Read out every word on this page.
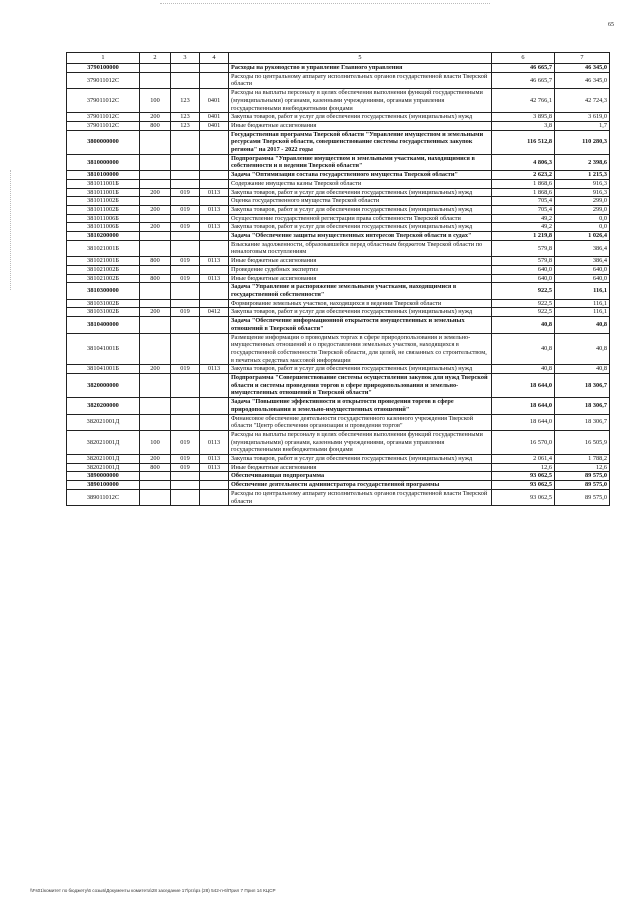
65
1	2	3	4	5	6	7
3790100000				Расходы на руководство и управление Главного управления	46 665,7	46 345,0
379011012С				Расходы по центральному аппарату исполнительных органов государственной власти Тверской области	46 665,7	46 345,0
379011012С	100	123	0401	Расходы на выплаты персоналу в целях обеспечения выполнения функций государственными (муниципальными) органами, казенными учреждениями, органами управления государственными внебюджетными фондами	42 766,1	42 724,3
379011012С	200	123	0401	Закупка товаров, работ и услуг для обеспечения государственных (муниципальных) нужд	3 895,8	3 619,0
379011012С	800	123	0401	Иные бюджетные ассигнования	3,8	1,7
3800000000				Государственная программа Тверской области "Управление имуществом и земельными ресурсами Тверской области, совершенствование системы государственных закупок региона" на 2017 - 2022 годы	116 512,8	110 280,3
3810000000				Подпрограмма "Управление имуществом и земельными участками, находящимися в собственности и в ведении Тверской области"	4 806,3	2 398,6
3810100000				Задача "Оптимизация состава государственного имущества Тверской области"	2 623,2	1 215,3
381011001Б				Содержание имущества казны Тверской области	1 868,6	916,3
381011001Б	200	019	0113	Закупка товаров, работ и услуг для обеспечения государственных (муниципальных) нужд	1 868,6	916,3
381011002Б				Оценка государственного имущества Тверской области	705,4	299,0
381011002Б	200	019	0113	Закупка товаров, работ и услуг для обеспечения государственных (муниципальных) нужд	705,4	299,0
381011006Б				Осуществление государственной регистрации права собственности Тверской области	49,2	0,0
381011006Б	200	019	0113	Закупка товаров, работ и услуг для обеспечения государственных (муниципальных) нужд	49,2	0,0
3810200000				Задача "Обеспечение защиты имущественных интересов Тверской области в судах"	1 219,8	1 026,4
381021001Б				Взыскание задолженности, образовавшейся перед областным бюджетом Тверской области по неналоговым поступлениям	579,8	386,4
381021001Б	800	019	0113	Иные бюджетные ассигнования	579,8	386,4
381021002Б				Проведение судебных экспертиз	640,0	640,0
381021002Б	800	019	0113	Иные бюджетные ассигнования	640,0	640,0
3810300000				Задача "Управление и распоряжение земельными участками, находящимися в государственной собственности"	922,5	116,1
381031002Б				Формирование земельных участков, находящихся в ведении Тверской области	922,5	116,1
381031002Б	200	019	0412	Закупка товаров, работ и услуг для обеспечения государственных (муниципальных) нужд	922,5	116,1
3810400000				Задача "Обеспечение информационной открытости имущественных и земельных отношений в Тверской области"	40,8	40,8
381041001Б				Размещение информации о проводимых торгах в сфере природопользования и земельно-имущественных отношений и о предоставлении земельных участков, находящихся в государственной собственности Тверской области, для целей, не связанных со строительством, в печатных средствах массовой информации	40,8	40,8
381041001Б	200	019	0113	Закупка товаров, работ и услуг для обеспечения государственных (муниципальных) нужд	40,8	40,8
3820000000				Подпрограмма "Совершенствование системы осуществления закупок для нужд Тверской области и системы проведения торгов в сфере природопользования и земельно-имущественных отношений в Тверской области"	18 644,0	18 306,7
3820200000				Задача "Повышение эффективности и открытости проведения торгов в сфере природопользования и земельно-имущественных отношений"	18 644,0	18 306,7
382021001Д				Финансовое обеспечение деятельности государственного казенного учреждения Тверской области "Центр обеспечения организации и проведения торгов"	18 644,0	18 306,7
382021001Д	100	019	0113	Расходы на выплаты персоналу в целях обеспечения выполнения функций государственными (муниципальными) органами, казенными учреждениями, органами управления государственными внебюджетными фондами	16 570,0	16 505,9
382021001Д	200	019	0113	Закупка товаров, работ и услуг для обеспечения государственных (муниципальных) нужд	2 061,4	1 788,2
382021001Д	800	019	0113	Иные бюджетные ассигнования	12,6	12,6
3890000000				Обеспечивающая подпрограмма	93 062,5	89 575,0
3890100000				Обеспечение деятельности администратора государственной программы	93 062,5	89 575,0
389011012С				Расходы по центральному аппарату исполнительных органов государственной власти Тверской области	93 062,5	89 575,0
\\Fs01\комитет по бюджету\6 созыв\Документы комитета\28 заседание 17\ргз\рз (28) 542-п-6\Прил 7 Прил 14 КЦСР
